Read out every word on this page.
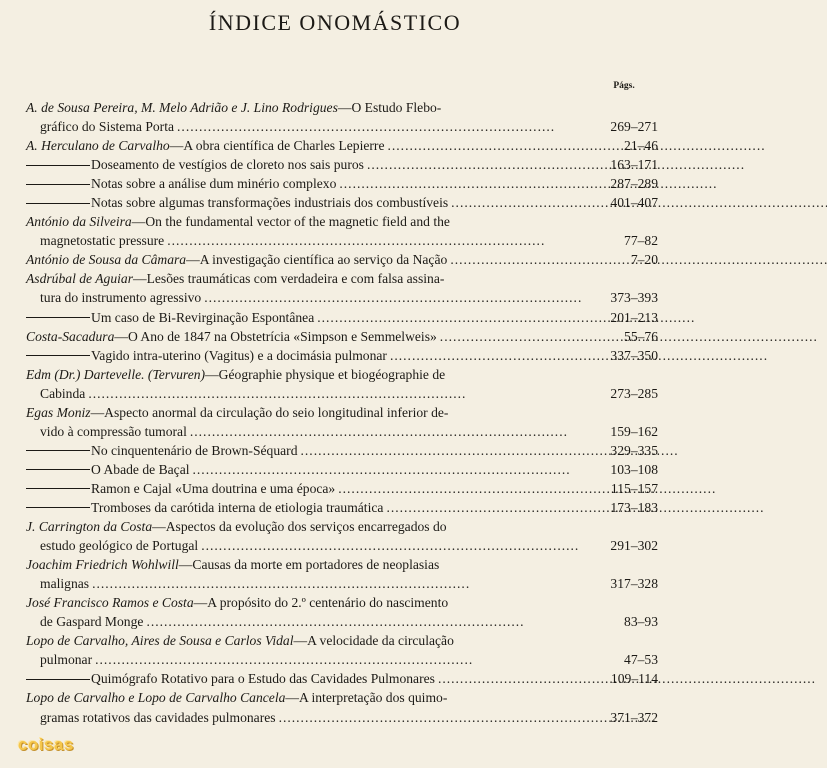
ÍNDICE ONOMÁSTICO
Págs.
A. de Sousa Pereira, M. Melo Adrião e J. Lino Rodrigues—O Estudo Flebo-
gráfico do Sistema Porta . . .	269–271
A. Herculano de Carvalho—A obra científica de Charles Lepierre . . .	21–46
Doseamento de vestígios de cloreto nos sais puros . . .	163–171
Notas sobre a análise dum minério complexo . . .	287–289
Notas sobre algumas transformações industriais dos combustíveis . . .	401–407
António da Silveira—On the fundamental vector of the magnetic field and the
magnetostatic pressure . . .	77–82
António de Sousa da Câmara—A investigação científica ao serviço da Nação . . .	7–20
Asdrúbal de Aguiar—Lesões traumáticas com verdadeira e com falsa assina-
tura do instrumento agressivo . . .	373–393
Um caso de Bi-Revirginação Espontânea . . .	201–213
Costa-Sacadura—O Ano de 1847 na Obstetrícia «Simpson e Semmelweis» . . .	55–76
Vagido intra-uterino (Vagitus) e a docimásia pulmonar . . .	337–350
Edm (Dr.) Dartevelle. (Tervuren)—Géographie physique et biogéographie de
Cabinda . . .	273–285
Egas Moniz—Aspecto anormal da circulação do seio longitudinal inferior de-
vido à compressão tumoral . . .	159–162
No cinquentenário de Brown-Séquard . . .	329–335
O Abade de Baçal . . .	103–108
Ramon e Cajal «Uma doutrina e uma época» . . .	115–157
Tromboses da carótida interna de etiologia traumática . . .	173–183
J. Carrington da Costa—Aspectos da evolução dos serviços encarregados do
estudo geológico de Portugal . . .	291–302
Joachim Friedrich Wohlwill—Causas da morte em portadores de neoplasias
malignas . . .	317–328
José Francisco Ramos e Costa—A propósito do 2.º centenário do nascimento
de Gaspard Monge . . .	83–93
Lopo de Carvalho, Aires de Sousa e Carlos Vidal—A velocidade da circulação
pulmonar . . .	47–53
Quimógrafo Rotativo para o Estudo das Cavidades Pulmonares . . .	109–114
Lopo de Carvalho e Lopo de Carvalho Cancela—A interpretação dos quimo-
gramas rotativos das cavidades pulmonares . . .	371–372
coisas
